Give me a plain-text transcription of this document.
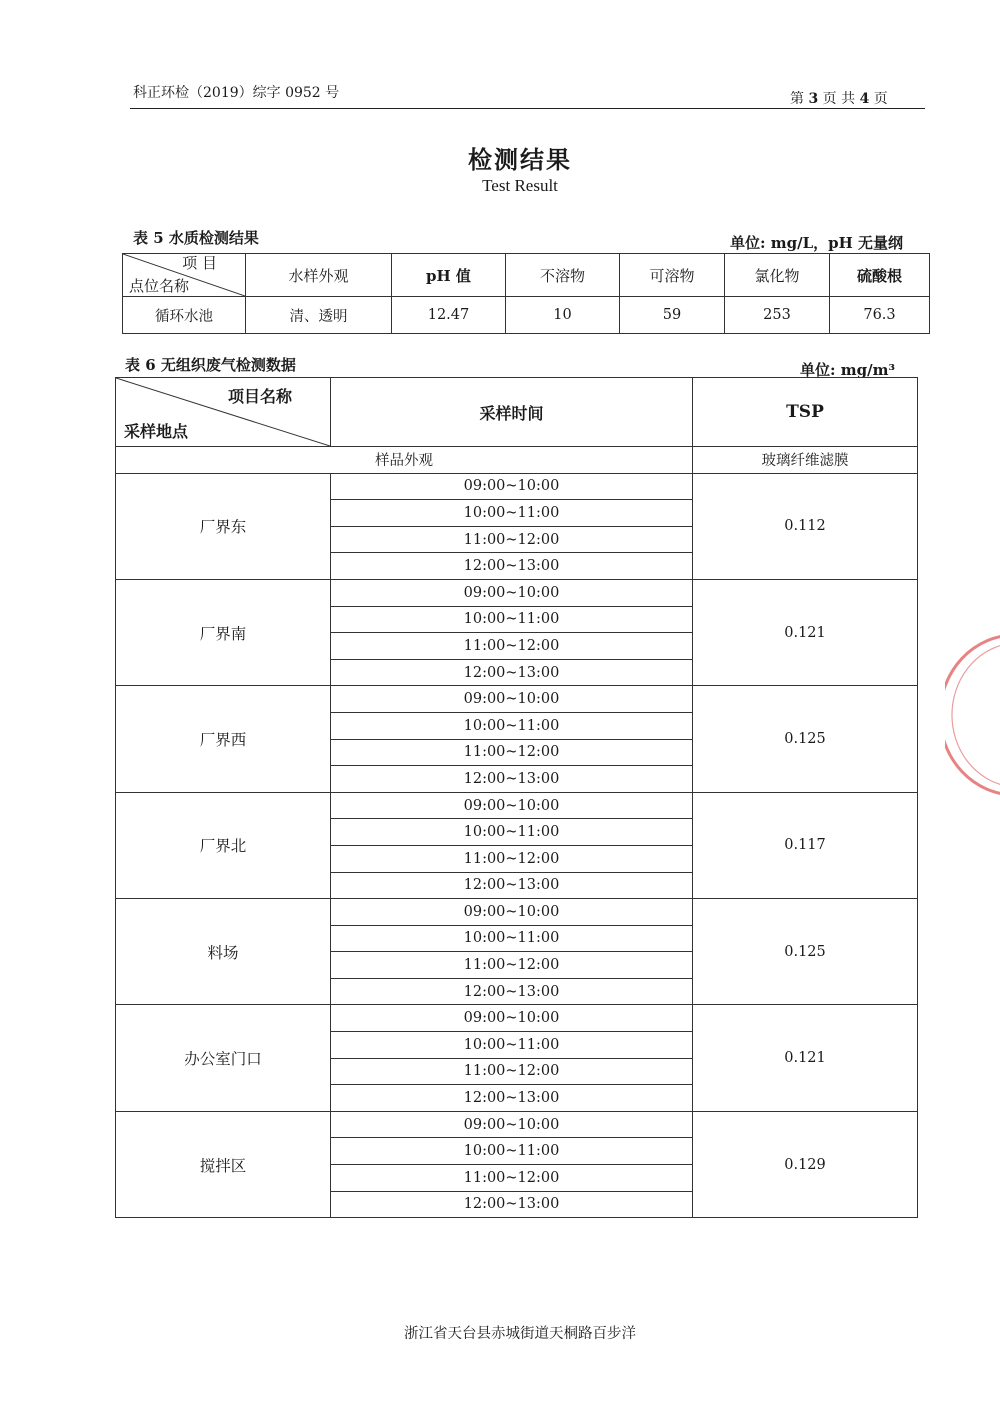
科正环检（2019）综字 0952 号	第 3 页 共 4 页
检测结果
Test Result
表 5 水质检测结果	单位: mg/L，pH 无量纲
项 目
点位名称	水样外观	pH 值	不溶物	可溶物	氯化物	硫酸根
循环水池	清、透明	12.47	10	59	253	76.3
表 6 无组织废气检测数据	单位: mg/m³
项目名称
采样地点	采样时间	TSP
样品外观		玻璃纤维滤膜
厂界东	09:00~10:00	0.112
	10:00~11:00	
	11:00~12:00	
	12:00~13:00	
厂界南	09:00~10:00	0.121
	10:00~11:00	
	11:00~12:00	
	12:00~13:00	
厂界西	09:00~10:00	0.125
	10:00~11:00	
	11:00~12:00	
	12:00~13:00	
厂界北	09:00~10:00	0.117
	10:00~11:00	
	11:00~12:00	
	12:00~13:00	
料场	09:00~10:00	0.125
	10:00~11:00	
	11:00~12:00	
	12:00~13:00	
办公室门口	09:00~10:00	0.121
	10:00~11:00	
	11:00~12:00	
	12:00~13:00	
搅拌区	09:00~10:00	0.129
	10:00~11:00	
	11:00~12:00	
	12:00~13:00	
浙江省天台县赤城街道天桐路百步洋
